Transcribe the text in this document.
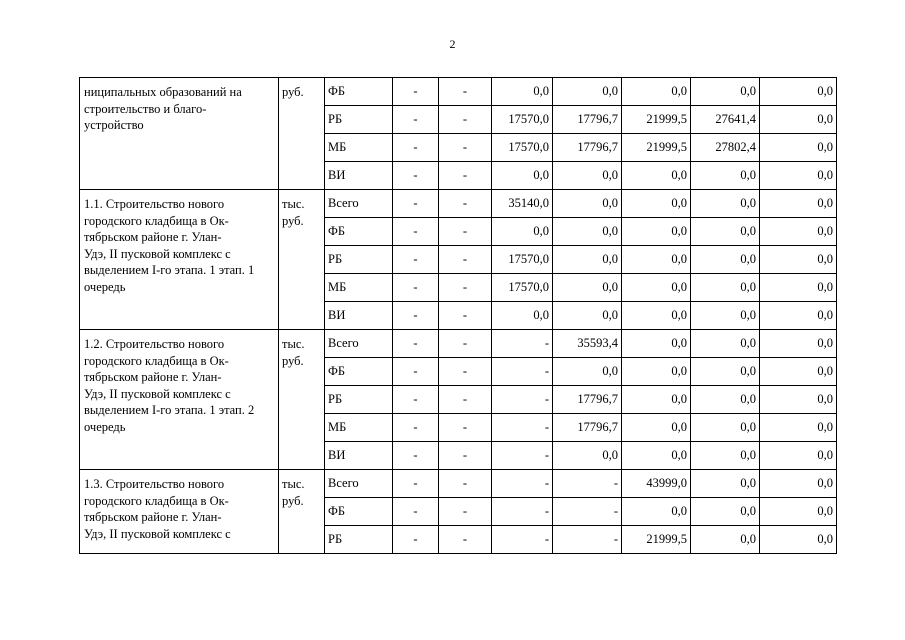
2
ниципальных образований на строительство и благо-
устройство	руб.	ФБ	-	-	0,0	0,0	0,0	0,0	0,0
		РБ	-	-	17570,0	17796,7	21999,5	27641,4	0,0
		МБ	-	-	17570,0	17796,7	21999,5	27802,4	0,0
		ВИ	-	-	0,0	0,0	0,0	0,0	0,0
1.1. Строительство нового городского кладбища в Ок-
тябрьском районе г. Улан-
Удэ, II пусковой комплекс с выделением I-го этапа. 1 этап. 1 очередь	тыс. руб.	Всего	-	-	35140,0	0,0	0,0	0,0	0,0
		ФБ	-	-	0,0	0,0	0,0	0,0	0,0
		РБ	-	-	17570,0	0,0	0,0	0,0	0,0
		МБ	-	-	17570,0	0,0	0,0	0,0	0,0
		ВИ	-	-	0,0	0,0	0,0	0,0	0,0
1.2. Строительство нового городского кладбища в Ок-
тябрьском районе г. Улан-
Удэ, II пусковой комплекс с выделением I-го этапа. 1 этап. 2 очередь	тыс. руб.	Всего	-	-	-	35593,4	0,0	0,0	0,0
		ФБ	-	-	-	0,0	0,0	0,0	0,0
		РБ	-	-	-	17796,7	0,0	0,0	0,0
		МБ	-	-	-	17796,7	0,0	0,0	0,0
		ВИ	-	-	-	0,0	0,0	0,0	0,0
1.3. Строительство нового городского кладбища в Ок-
тябрьском районе г. Улан-
Удэ, II пусковой комплекс с	тыс. руб.	Всего	-	-	-	-	43999,0	0,0	0,0
		ФБ	-	-	-	-	0,0	0,0	0,0
		РБ	-	-	-	-	21999,5	0,0	0,0
